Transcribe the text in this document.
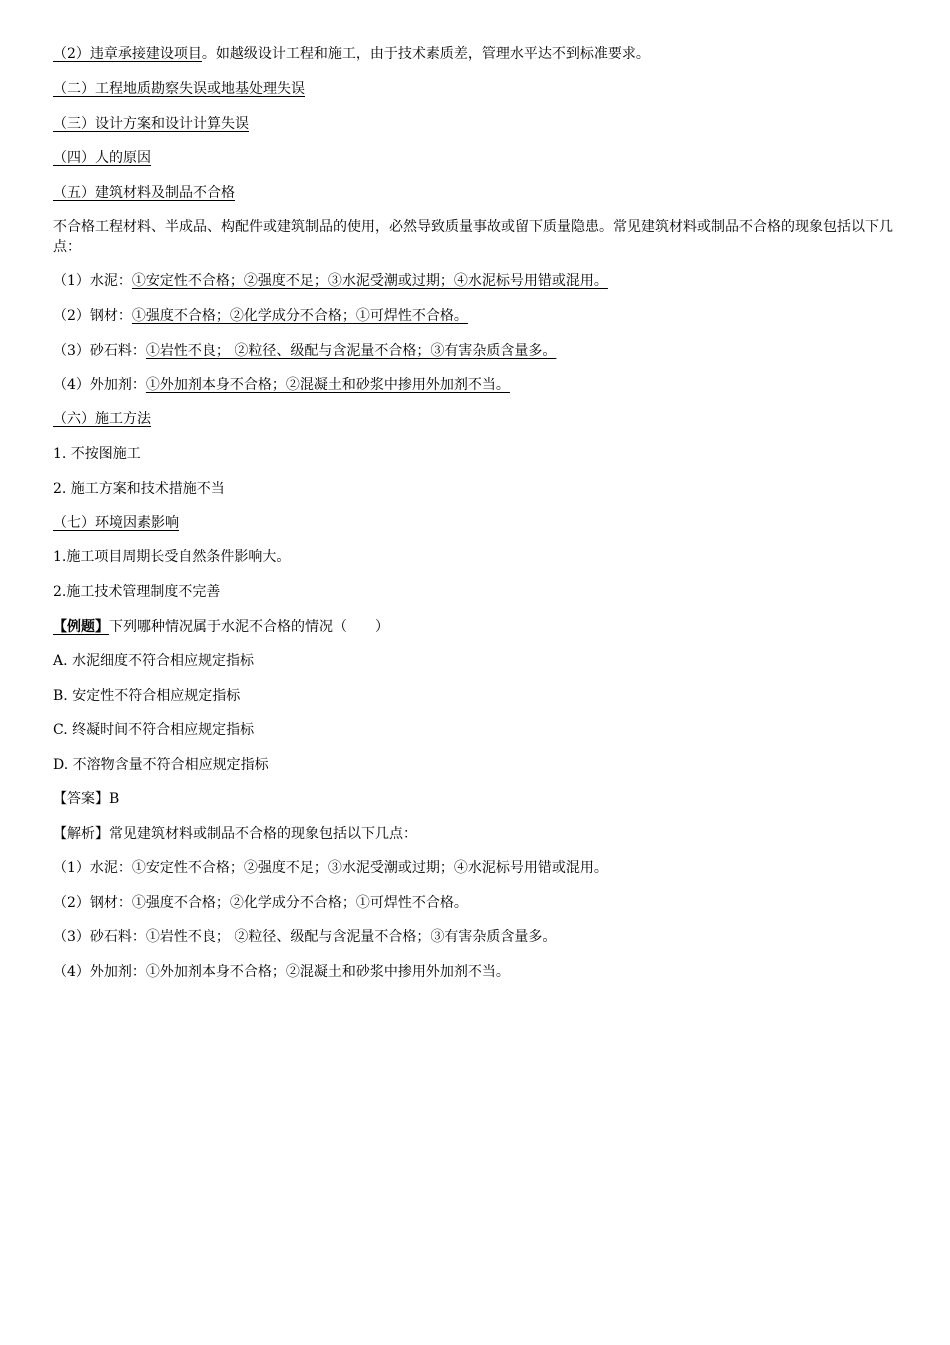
（2）违章承接建设项目。如越级设计工程和施工，由于技术素质差，管理水平达不到标准要求。
（二）工程地质勘察失误或地基处理失误
（三）设计方案和设计计算失误
（四）人的原因
（五）建筑材料及制品不合格
不合格工程材料、半成品、构配件或建筑制品的使用，必然导致质量事故或留下质量隐患。常见建筑材料或制品不合格的现象包括以下几点：
（1）水泥：①安定性不合格；②强度不足；③水泥受潮或过期；④水泥标号用错或混用。
（2）钢材：①强度不合格；②化学成分不合格；①可焊性不合格。
（3）砂石料：①岩性不良； ②粒径、级配与含泥量不合格；③有害杂质含量多。
（4）外加剂：①外加剂本身不合格；②混凝土和砂浆中掺用外加剂不当。
（六）施工方法
1. 不按图施工
2. 施工方案和技术措施不当
（七）环境因素影响
1.施工项目周期长受自然条件影响大。
2.施工技术管理制度不完善
【例题】下列哪种情况属于水泥不合格的情况（　　）
A. 水泥细度不符合相应规定指标
B. 安定性不符合相应规定指标
C. 终凝时间不符合相应规定指标
D. 不溶物含量不符合相应规定指标
【答案】B
【解析】常见建筑材料或制品不合格的现象包括以下几点：
（1）水泥：①安定性不合格；②强度不足；③水泥受潮或过期；④水泥标号用错或混用。
（2）钢材：①强度不合格；②化学成分不合格；①可焊性不合格。
（3）砂石料：①岩性不良； ②粒径、级配与含泥量不合格；③有害杂质含量多。
（4）外加剂：①外加剂本身不合格；②混凝土和砂浆中掺用外加剂不当。
